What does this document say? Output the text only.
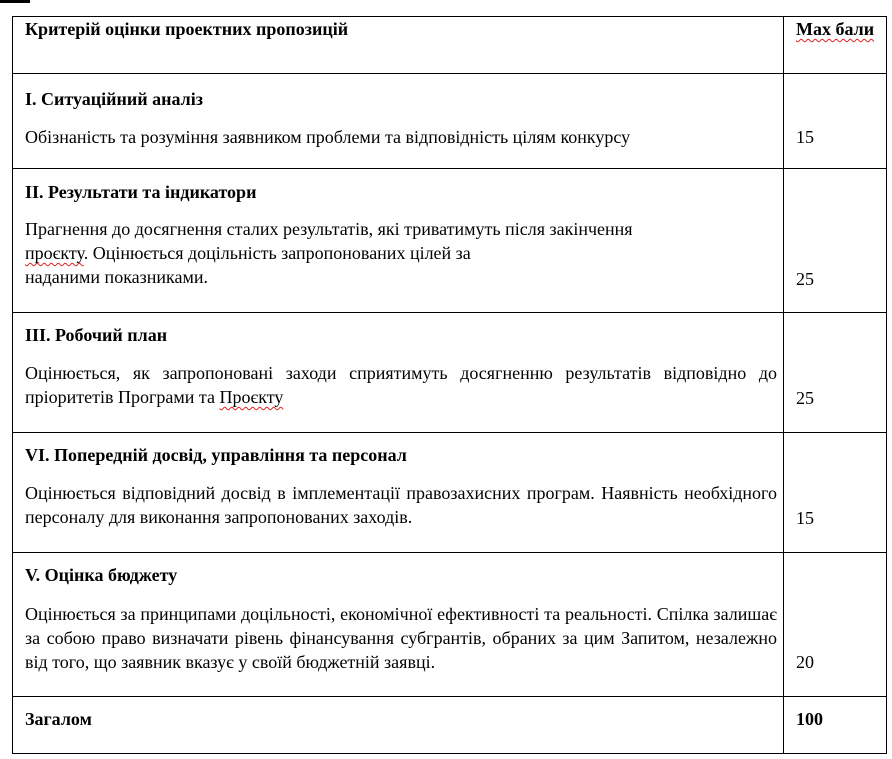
Критерій оцінки проектних пропозицій	Max бали

I. Ситуаційний аналіз
Обізнаність та розуміння заявником проблеми та відповідність цілям конкурсу	15

II. Результати та індикатори
Прагнення до досягнення сталих результатів, які триватимуть після закінчення
проєкту. Оцінюється доцільність запропонованих цілей за
наданими показниками.	25

III. Робочий план
Оцінюється, як запропоновані заходи сприятимуть досягненню результатів відповідно до пріоритетів Програми та Проєкту	25

VI. Попередній досвід, управління та персонал
Оцінюється відповідний досвід в імплементації правозахисних програм. Наявність необхідного персоналу для виконання запропонованих заходів.	15

V. Оцінка бюджету
Оцінюється за принципами доцільності, економічної ефективності та реальності. Спілка залишає за собою право визначати рівень фінансування субгрантів, обраних за цим Запитом, незалежно від того, що заявник вказує у своїй бюджетній заявці.	20
Загалом	100
